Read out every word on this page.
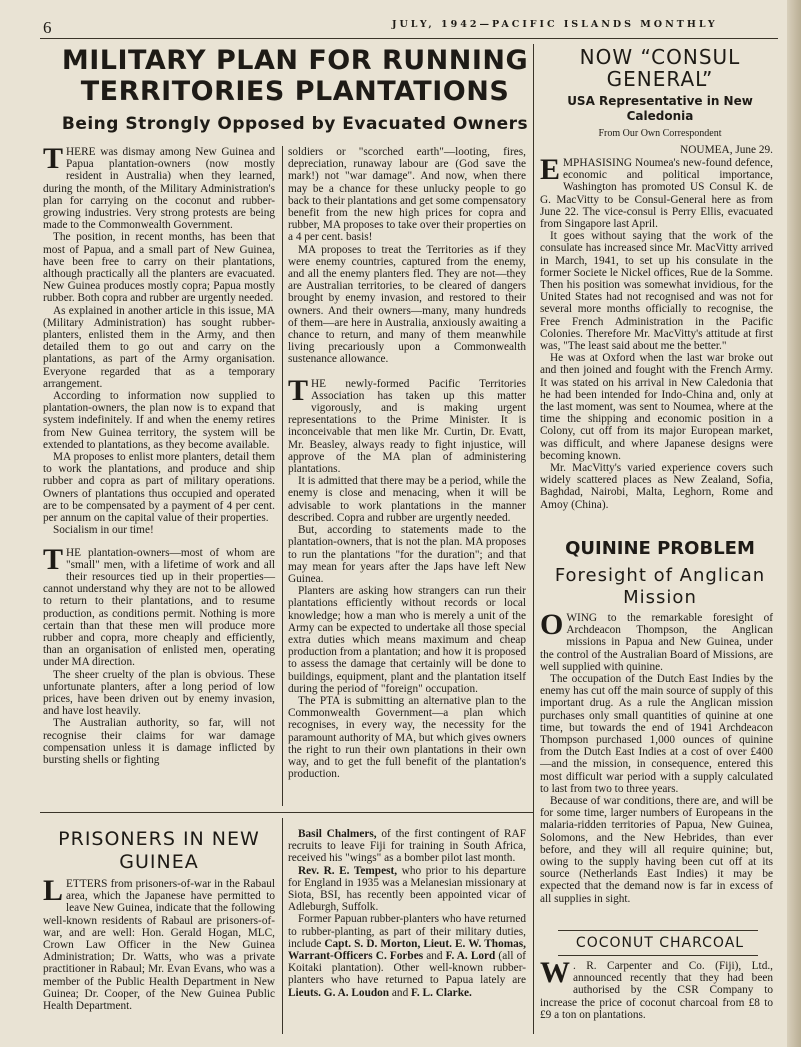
6	JULY, 1942—PACIFIC ISLANDS MONTHLY
MILITARY PLAN FOR RUNNING
TERRITORIES PLANTATIONS
Being Strongly Opposed by Evacuated Owners

THERE was dismay among New Guinea and Papua plantation-owners (now mostly resident in Australia) when they learned, during the month, of the Military Administration's plan for carrying on the coconut and rubber-growing industries. Very strong protests are being made to the Commonwealth Government.

The position, in recent months, has been that most of Papua, and a small part of New Guinea, have been free to carry on their plantations, although practically all the planters are evacuated. New Guinea produces mostly copra; Papua mostly rubber. Both copra and rubber are urgently needed.

As explained in another article in this issue, MA (Military Administration) has sought rubber-planters, enlisted them in the Army, and then detailed them to go out and carry on the plantations, as part of the Army organisation. Everyone regarded that as a temporary arrangement.

According to information now supplied to plantation-owners, the plan now is to expand that system indefinitely. If and when the enemy retires from New Guinea territory, the system will be extended to plantations, as they become available.

MA proposes to enlist more planters, detail them to work the plantations, and produce and ship rubber and copra as part of military operations. Owners of plantations thus occupied and operated are to be compensated by a payment of 4 per cent. per annum on the capital value of their properties.

Socialism in our time!

THE plantation-owners—most of whom are "small" men, with a lifetime of work and all their resources tied up in their properties—cannot understand why they are not to be allowed to return to their plantations, and to resume production, as conditions permit. Nothing is more certain than that these men will produce more rubber and copra, more cheaply and efficiently, than an organisation of enlisted men, operating under MA direction.

The sheer cruelty of the plan is obvious. These unfortunate planters, after a long period of low prices, have been driven out by enemy invasion, and have lost heavily.

The Australian authority, so far, will not recognise their claims for war damage compensation unless it is damage inflicted by bursting shells or fighting

soldiers or "scorched earth"—looting, fires, depreciation, runaway labour are (God save the mark!) not "war damage". And now, when there may be a chance for these unlucky people to go back to their plantations and get some compensatory benefit from the new high prices for copra and rubber, MA proposes to take over their properties on a 4 per cent. basis!

MA proposes to treat the Territories as if they were enemy countries, captured from the enemy, and all the enemy planters fled. They are not—they are Australian territories, to be cleared of dangers brought by enemy invasion, and restored to their owners. And their owners—many, many hundreds of them—are here in Australia, anxiously awaiting a chance to return, and many of them meanwhile living precariously upon a Commonwealth sustenance allowance.

THE newly-formed Pacific Territories Association has taken up this matter vigorously, and is making urgent representations to the Prime Minister. It is inconceivable that men like Mr. Curtin, Dr. Evatt, Mr. Beasley, always ready to fight injustice, will approve of the MA plan of administering plantations.

It is admitted that there may be a period, while the enemy is close and menacing, when it will be advisable to work plantations in the manner described. Copra and rubber are urgently needed.

But, according to statements made to the plantation-owners, that is not the plan. MA proposes to run the plantations "for the duration"; and that may mean for years after the Japs have left New Guinea.

Planters are asking how strangers can run their plantations efficiently without records or local knowledge; how a man who is merely a unit of the Army can be expected to undertake all those special extra duties which means maximum and cheap production from a plantation; and how it is proposed to assess the damage that certainly will be done to buildings, equipment, plant and the plantation itself during the period of "foreign" occupation.

The PTA is submitting an alternative plan to the Commonwealth Government—a plan which recognises, in every way, the necessity for the paramount authority of MA, but which gives owners the right to run their own plantations in their own way, and to get the full benefit of the plantation's production.

NOW “CONSUL
GENERAL”
USA Representative in New
Caledonia
From Our Own Correspondent
NOUMEA, June 29.

EMPHASISING Noumea's new-found defence, economic and political importance, Washington has promoted US Consul K. de G. MacVitty to be Consul-General here as from June 22. The vice-consul is Perry Ellis, evacuated from Singapore last April.

It goes without saying that the work of the consulate has increased since Mr. MacVitty arrived in March, 1941, to set up his consulate in the former Societe le Nickel offices, Rue de la Somme. Then his position was somewhat invidious, for the United States had not recognised and was not for several more months officially to recognise, the Free French Administration in the Pacific Colonies. Therefore Mr. MacVitty's attitude at first was, "The least said about me the better."

He was at Oxford when the last war broke out and then joined and fought with the French Army. It was stated on his arrival in New Caledonia that he had been intended for Indo-China and, only at the last moment, was sent to Noumea, where at the time the shipping and economic position in a Colony, cut off from its major European market, was difficult, and where Japanese designs were becoming known.

Mr. MacVitty's varied experience covers such widely scattered places as New Zealand, Sofia, Baghdad, Nairobi, Malta, Leghorn, Rome and Amoy (China).

QUININE PROBLEM
Foresight of Anglican
Mission

OWING to the remarkable foresight of Archdeacon Thompson, the Anglican missions in Papua and New Guinea, under the control of the Australian Board of Missions, are well supplied with quinine.

The occupation of the Dutch East Indies by the enemy has cut off the main source of supply of this important drug. As a rule the Anglican mission purchases only small quantities of quinine at one time, but towards the end of 1941 Archdeacon Thompson purchased 1,000 ounces of quinine from the Dutch East Indies at a cost of over £400—and the mission, in consequence, entered this most difficult war period with a supply calculated to last from two to three years.

Because of war conditions, there are, and will be for some time, larger numbers of Europeans in the malaria-ridden territories of Papua, New Guinea, Solomons, and the New Hebrides, than ever before, and they will all require quinine; but, owing to the supply having been cut off at its source (Netherlands East Indies) it may be expected that the demand now is far in excess of all supplies in sight.

COCONUT CHARCOAL

W . R. Carpenter and Co. (Fiji), Ltd., announced recently that they had been authorised by the CSR Company to increase the price of coconut charcoal from £8 to £9 a ton on plantations.

PRISONERS IN NEW
GUINEA

LETTERS from prisoners-of-war in the Rabaul area, which the Japanese have permitted to leave New Guinea, indicate that the following well-known residents of Rabaul are prisoners-of-war, and are well: Hon. Gerald Hogan, MLC, Crown Law Officer in the New Guinea Administration; Dr. Watts, who was a private practitioner in Rabaul; Mr. Evan Evans, who was a member of the Public Health Department in New Guinea; Dr. Cooper, of the New Guinea Public Health Department.

Basil Chalmers, of the first contingent of RAF recruits to leave Fiji for training in South Africa, received his "wings" as a bomber pilot last month.

Rev. R. E. Tempest, who prior to his departure for England in 1935 was a Melanesian missionary at Siota, BSI, has recently been appointed vicar of Adleburgh, Suffolk.

Former Papuan rubber-planters who have returned to rubber-planting, as part of their military duties, include Capt. S. D. Morton, Lieut. E. W. Thomas, Warrant-Officers C. Forbes and F. A. Lord (all of Koitaki plantation). Other well-known rubber-planters who have returned to Papua lately are Lieuts. G. A. Loudon and F. L. Clarke.
